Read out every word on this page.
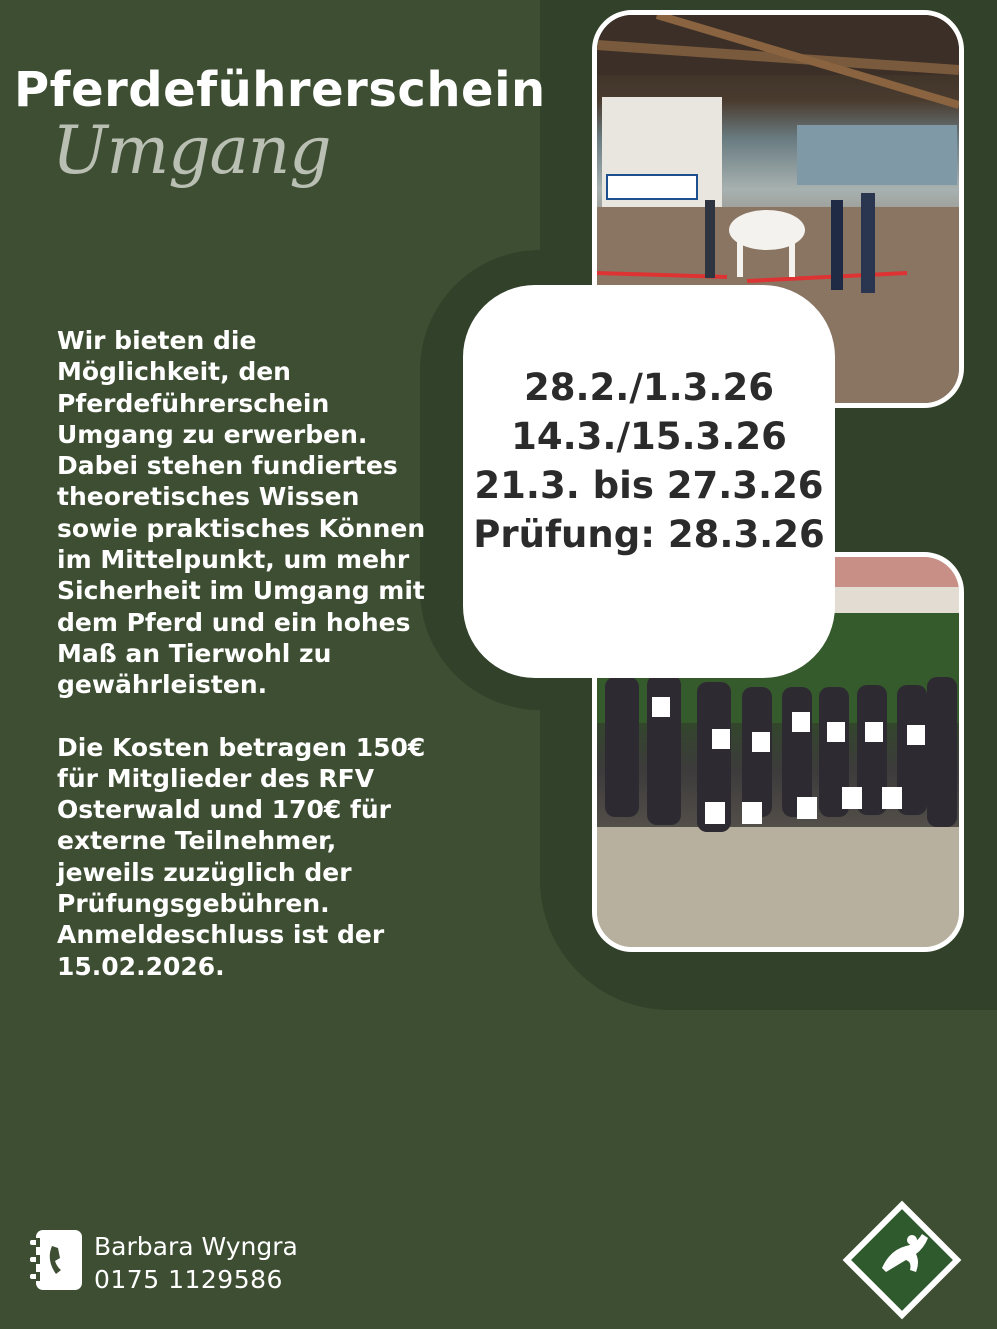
Pferdeführerschein
Umgang

Wir bieten die Möglichkeit, den Pferdeführerschein Umgang zu erwerben. Dabei stehen fundiertes theoretisches Wissen sowie praktisches Können im Mittelpunkt, um mehr Sicherheit im Umgang mit dem Pferd und ein hohes Maß an Tierwohl zu gewährleisten.

Die Kosten betragen 150€ für Mitglieder des RFV Osterwald und 170€ für externe Teilnehmer, jeweils zuzüglich der Prüfungsgebühren. Anmeldeschluss ist der 15.02.2026.

28.2./1.3.26
14.3./15.3.26
21.3. bis 27.3.26
Prüfung: 28.3.26
Barbara Wyngra
0175 1129586
